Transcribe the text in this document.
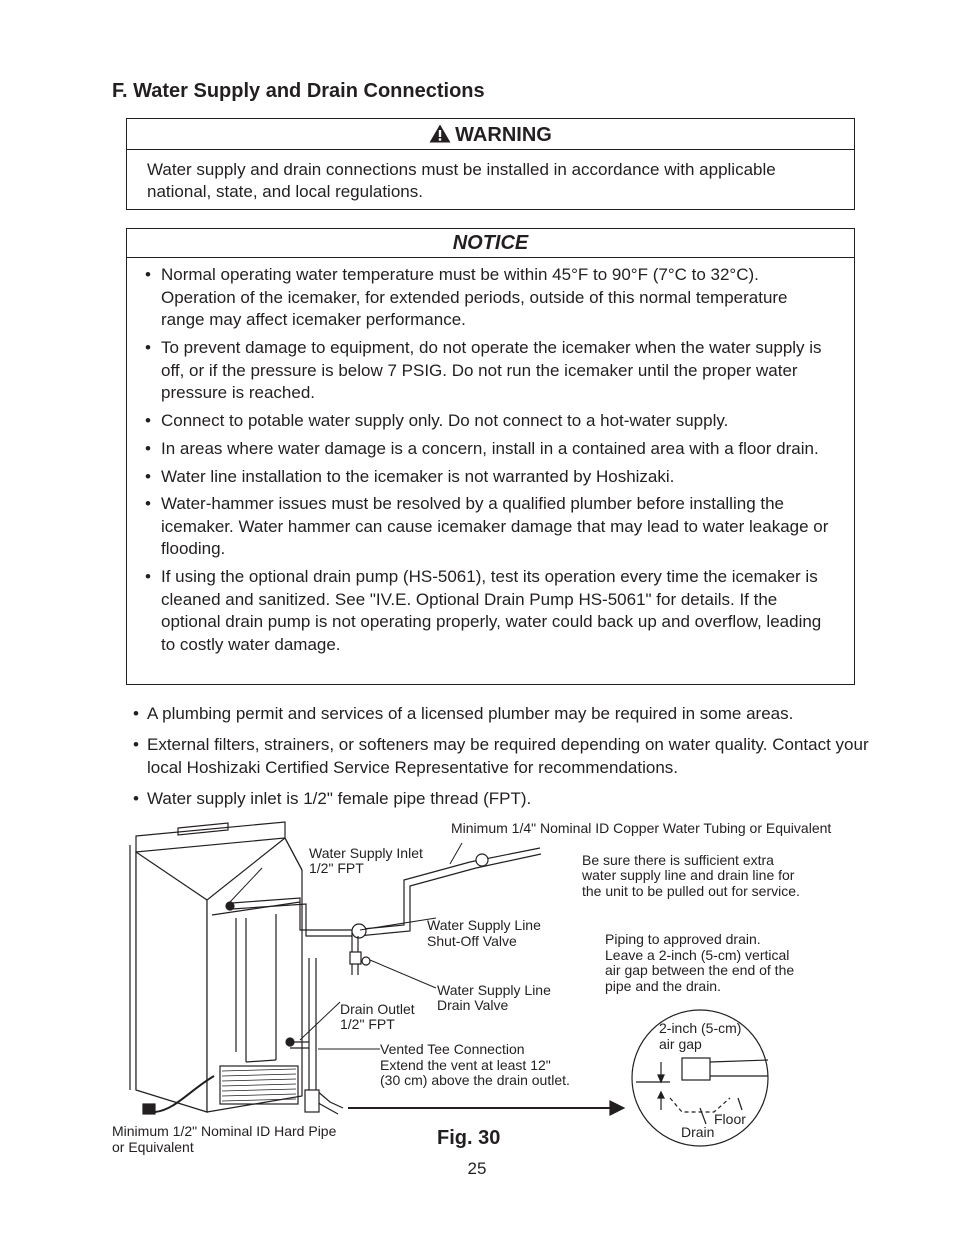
F. Water Supply and Drain Connections
WARNING
Water supply and drain connections must be installed in accordance with applicable national, state, and local regulations.
NOTICE
• Normal operating water temperature must be within 45°F to 90°F (7°C to 32°C). Operation of the icemaker, for extended periods, outside of this normal temperature range may affect icemaker performance.
• To prevent damage to equipment, do not operate the icemaker when the water supply is off, or if the pressure is below 7 PSIG. Do not run the icemaker until the proper water pressure is reached.
• Connect to potable water supply only. Do not connect to a hot-water supply.
• In areas where water damage is a concern, install in a contained area with a floor drain.
• Water line installation to the icemaker is not warranted by Hoshizaki.
• Water-hammer issues must be resolved by a qualified plumber before installing the icemaker. Water hammer can cause icemaker damage that may lead to water leakage or flooding.
• If using the optional drain pump (HS-5061), test its operation every time the icemaker is cleaned and sanitized. See "IV.E. Optional Drain Pump HS-5061" for details. If the optional drain pump is not operating properly, water could back up and overflow, leading to costly water damage.
• A plumbing permit and services of a licensed plumber may be required in some areas.
• External filters, strainers, or softeners may be required depending on water quality. Contact your local Hoshizaki Certified Service Representative for recommendations.
• Water supply inlet is 1/2" female pipe thread (FPT).
Minimum 1/4" Nominal ID Copper Water Tubing or Equivalent
Water Supply Inlet
1/2" FPT	Be sure there is sufficient extra
water supply line and drain line for
the unit to be pulled out for service.
Water Supply Line
Shut-Off Valve	Piping to approved drain.
Leave a 2-inch (5-cm) vertical
air gap between the end of the
pipe and the drain.
Water Supply Line
Drain Valve
Drain Outlet
1/2" FPT	2-inch (5-cm)
air gap
Vented Tee Connection
Extend the vent at least 12"
(30 cm) above the drain outlet.
Floor
Drain
Minimum 1/2" Nominal ID Hard Pipe
or Equivalent	Fig. 30

25
